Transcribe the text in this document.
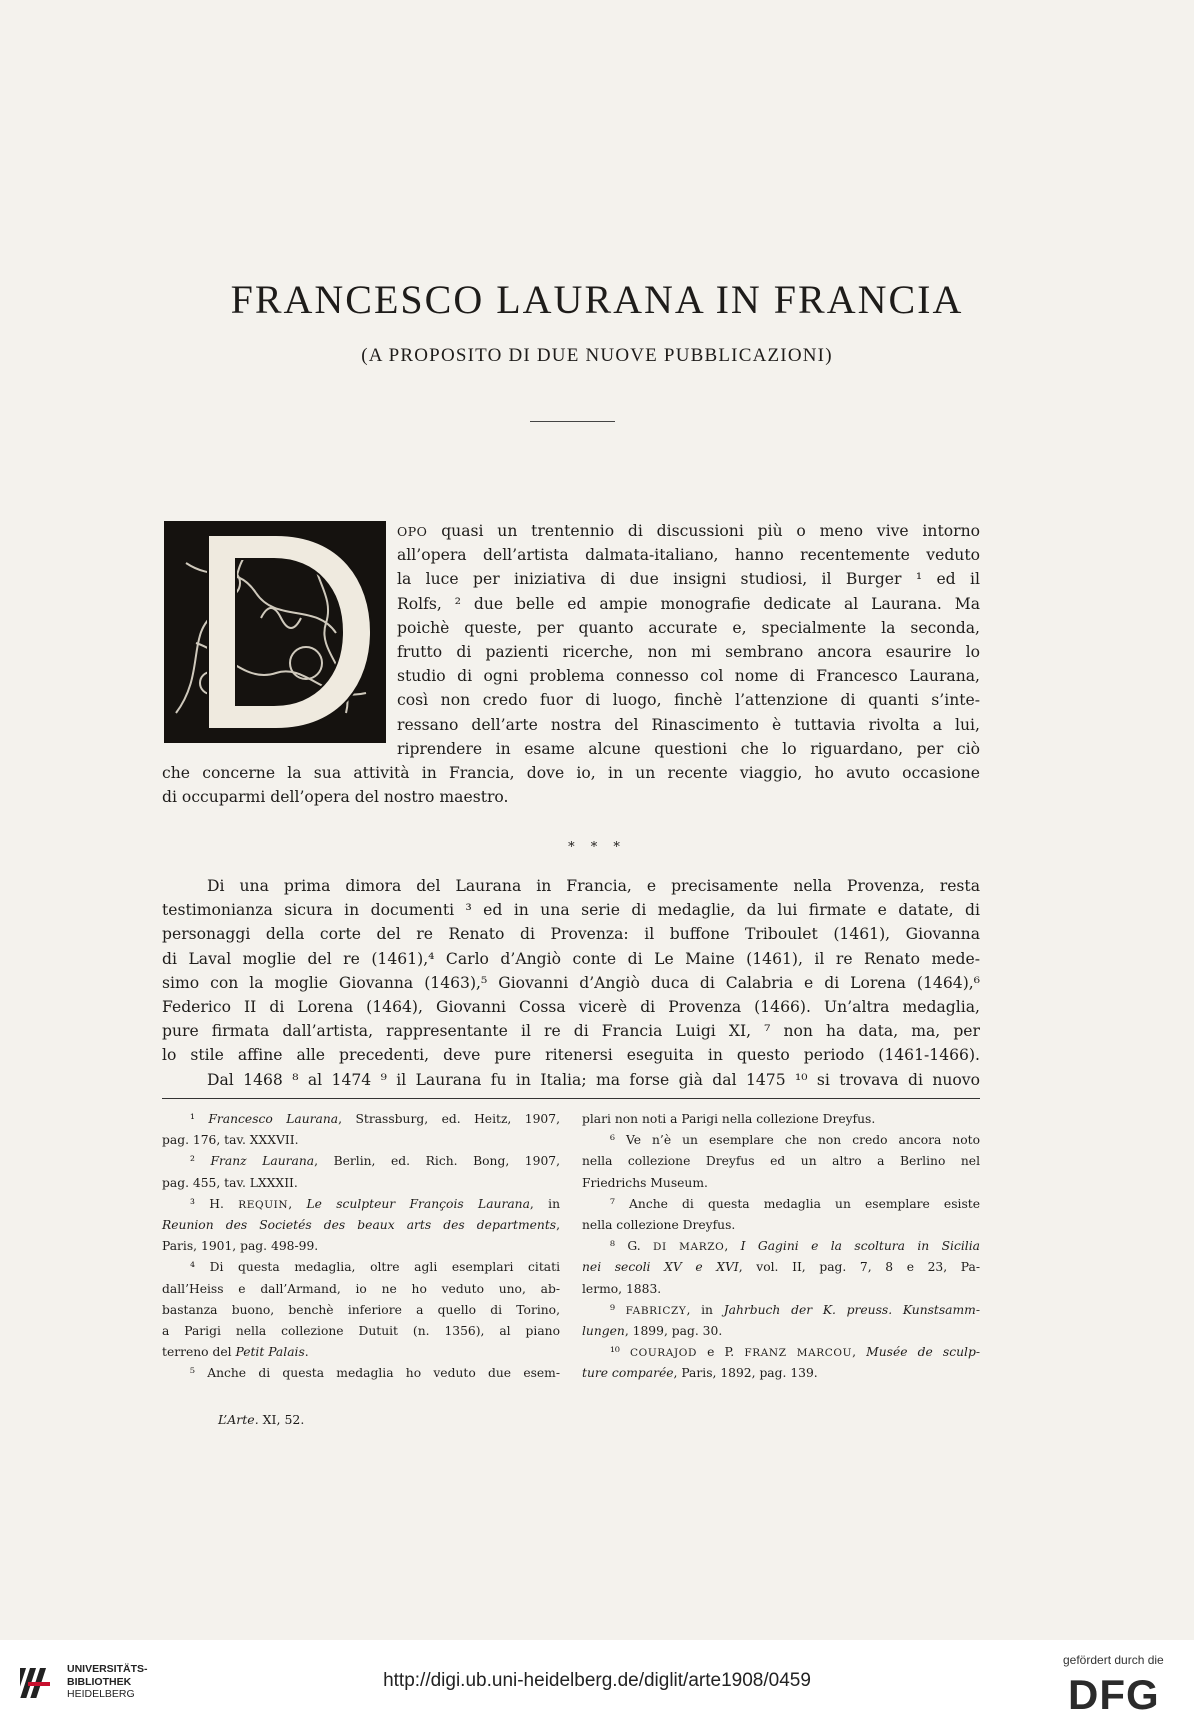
FRANCESCO LAURANA IN FRANCIA
(A PROPOSITO DI DUE NUOVE PUBBLICAZIONI)
OPO quasi un trentennio di discussioni più o meno vive intorno
all’opera dell’artista dalmata-italiano, hanno recentemente veduto
la luce per iniziativa di due insigni studiosi, il Burger ¹ ed il
Rolfs, ² due belle ed ampie monografie dedicate al Laurana. Ma
poichè queste, per quanto accurate e, specialmente la seconda,
frutto di pazienti ricerche, non mi sembrano ancora esaurire lo
studio di ogni problema connesso col nome di Francesco Laurana,
così non credo fuor di luogo, finchè l’attenzione di quanti s’inte-
ressano dell’arte nostra del Rinascimento è tuttavia rivolta a lui,
riprendere in esame alcune questioni che lo riguardano, per ciò
che concerne la sua attività in Francia, dove io, in un recente viaggio, ho avuto occasione
di occuparmi dell’opera del nostro maestro.
* * *
Di una prima dimora del Laurana in Francia, e precisamente nella Provenza, resta
testimonianza sicura in documenti ³ ed in una serie di medaglie, da lui firmate e datate, di
personaggi della corte del re Renato di Provenza: il buffone Triboulet (1461), Giovanna
di Laval moglie del re (1461),⁴ Carlo d’Angiò conte di Le Maine (1461), il re Renato mede-
simo con la moglie Giovanna (1463),⁵ Giovanni d’Angiò duca di Calabria e di Lorena (1464),⁶
Federico II di Lorena (1464), Giovanni Cossa vicerè di Provenza (1466). Un’altra medaglia,
pure firmata dall’artista, rappresentante il re di Francia Luigi XI, ⁷ non ha data, ma, per
lo stile affine alle precedenti, deve pure ritenersi eseguita in questo periodo (1461-1466).
Dal 1468 ⁸ al 1474 ⁹ il Laurana fu in Italia; ma forse già dal 1475 ¹⁰ si trovava di nuovo
¹ Francesco Laurana, Strassburg, ed. Heitz, 1907,
pag. 176, tav. XXXVII.
² Franz Laurana, Berlin, ed. Rich. Bong, 1907,
pag. 455, tav. LXXXII.
³ H. REQUIN, Le sculpteur François Laurana, in
Reunion des Societés des beaux arts des departments,
Paris, 1901, pag. 498-99.
⁴ Di questa medaglia, oltre agli esemplari citati
dall’Heiss e dall’Armand, io ne ho veduto uno, ab-
bastanza buono, benchè inferiore a quello di Torino,
a Parigi nella collezione Dutuit (n. 1356), al piano
terreno del Petit Palais.
⁵ Anche di questa medaglia ho veduto due esem-
plari non noti a Parigi nella collezione Dreyfus.
⁶ Ve n’è un esemplare che non credo ancora noto
nella collezione Dreyfus ed un altro a Berlino nel
Friedrichs Museum.
⁷ Anche di questa medaglia un esemplare esiste
nella collezione Dreyfus.
⁸ G. DI MARZO, I Gagini e la scoltura in Sicilia
nei secoli XV e XVI, vol. II, pag. 7, 8 e 23, Pa-
lermo, 1883.
⁹ FABRICZY, in Jahrbuch der K. preuss. Kunstsamm-
lungen, 1899, pag. 30.
¹⁰ COURAJOD e P. FRANZ MARCOU, Musée de sculp-
ture comparée, Paris, 1892, pag. 139.
L’Arte. XI, 52.
UNIVERSITÄTS-
BIBLIOTHEK
HEIDELBERG
http://digi.ub.uni-heidelberg.de/diglit/arte1908/0459
gefördert durch die
DFG
